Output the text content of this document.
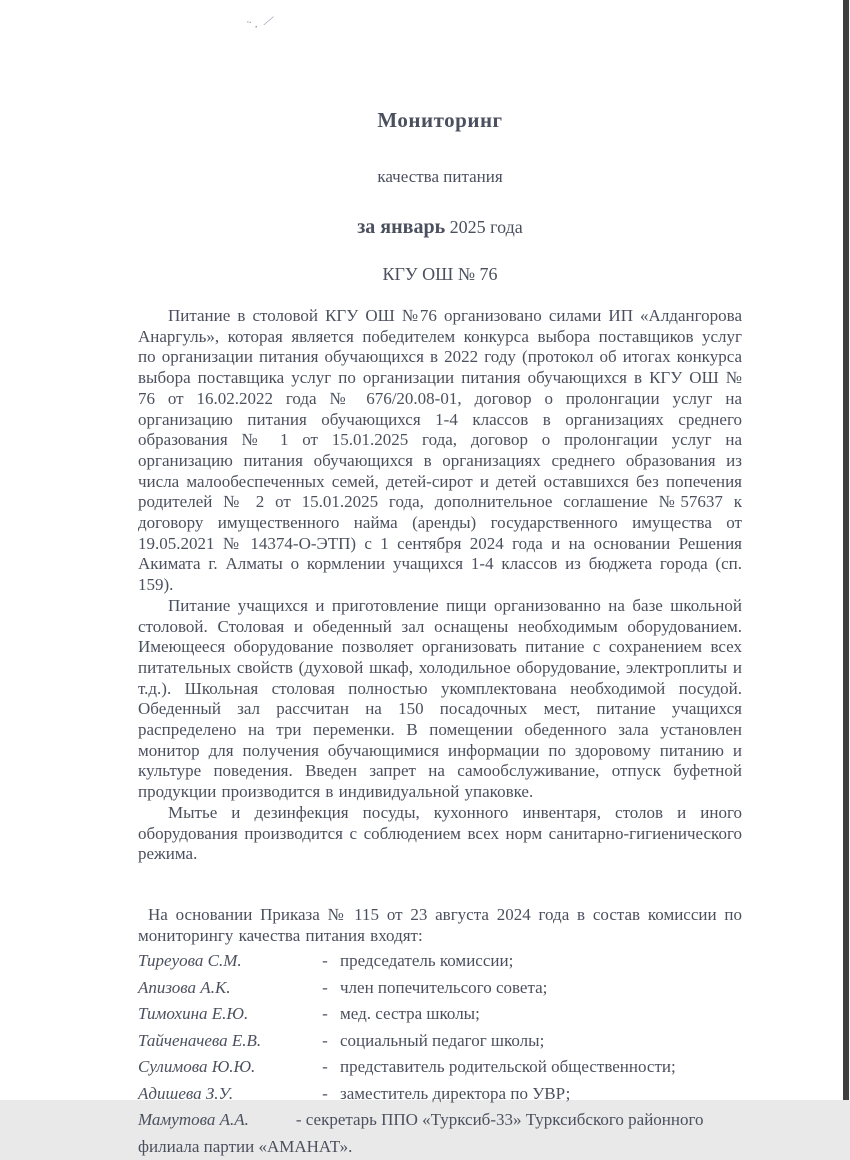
¨· ∕
Мониторинг
качества питания
за январь 2025 года
КГУ ОШ № 76

Питание в столовой КГУ ОШ №76 организовано силами ИП «Алдангорова Анаргуль», которая является победителем конкурса выбора поставщиков услуг по организации питания обучающихся в 2022 году (протокол об итогах конкурса выбора поставщика услуг по организации питания обучающихся в КГУ ОШ № 76 от 16.02.2022 года № 676/20.08-01, договор о пролонгации услуг на организацию питания обучающихся 1-4 классов в организациях среднего образования № 1 от 15.01.2025 года, договор о пролонгации услуг на организацию питания обучающихся в организациях среднего образования из числа малообеспеченных семей, детей-сирот и детей оставшихся без попечения родителей № 2 от 15.01.2025 года, дополнительное соглашение №57637 к договору имущественного найма (аренды) государственного имущества от 19.05.2021 № 14374-О-ЭТП) с 1 сентября 2024 года и на основании Решения Акимата г. Алматы о кормлении учащихся 1-4 классов из бюджета города (сп. 159).

Питание учащихся и приготовление пищи организованно на базе школьной столовой. Столовая и обеденный зал оснащены необходимым оборудованием. Имеющееся оборудование позволяет организовать питание с сохранением всех питательных свойств (духовой шкаф, холодильное оборудование, электроплиты и т.д.). Школьная столовая полностью укомплектована необходимой посудой. Обеденный зал рассчитан на 150 посадочных мест, питание учащихся распределено на три переменки. В помещении обеденного зала установлен монитор для получения обучающимися информации по здоровому питанию и культуре поведения. Введен запрет на самообслуживание, отпуск буфетной продукции производится в индивидуальной упаковке.

Мытье и дезинфекция посуды, кухонного инвентаря, столов и иного оборудования производится с соблюдением всех норм санитарно-гигиенического режима.

На основании Приказа № 115 от 23 августа 2024 года в состав комиссии по мониторингу качества питания входят:

Тиреуова С.М.	- председатель комиссии;
Апизова А.К.	- член попечительсого совета;
Тимохина Е.Ю.	- мед. сестра школы;
Тайченачева Е.В.	- социальный педагог школы;
Сулимова Ю.Ю.	- представитель родительской общественности;
Адишева З.У.	- заместитель директора по УВР;
Мамутова А.А.	- секретарь ППО «Турксиб-33» Турксибского районного филиала партии «АМАНАТ».
